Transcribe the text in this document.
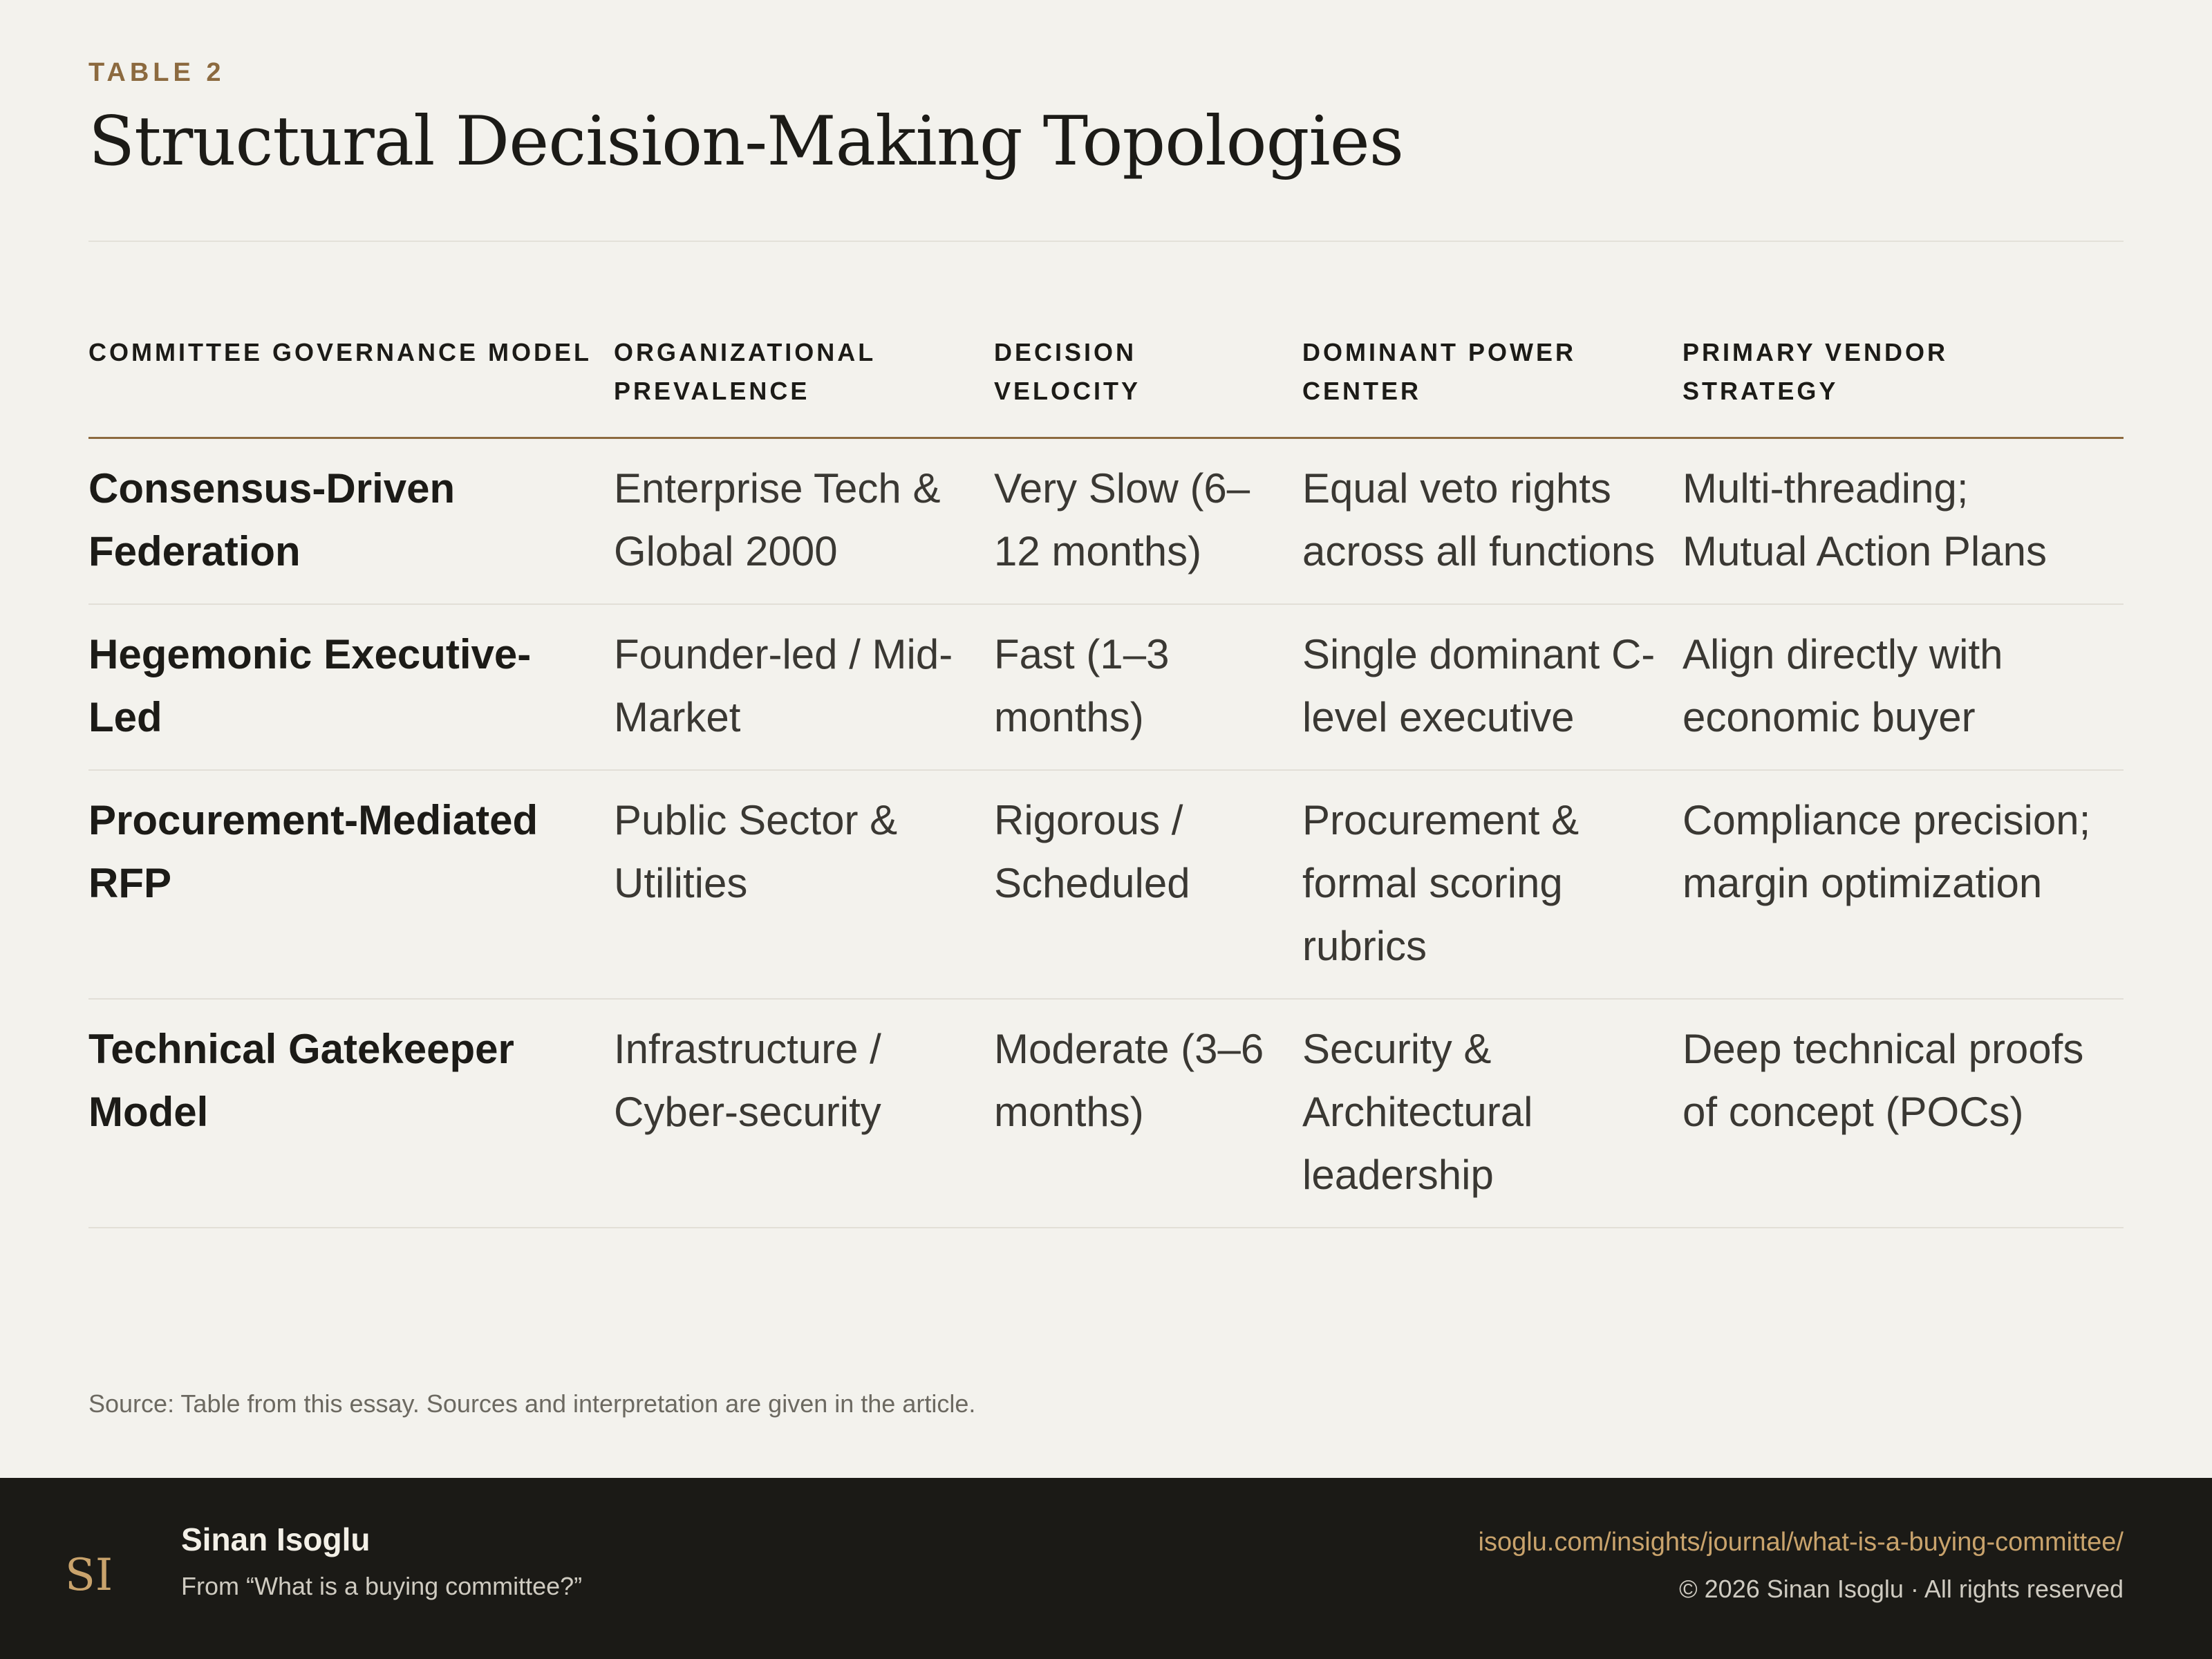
TABLE 2

Structural Decision-Making Topologies
COMMITTEE GOVERNANCE MODEL	ORGANIZATIONAL PREVALENCE	DECISION VELOCITY	DOMINANT POWER CENTER	PRIMARY VENDOR STRATEGY
Consensus-Driven Federation	Enterprise Tech & Global 2000	Very Slow (6–12 months)	Equal veto rights across all functions	Multi-threading; Mutual Action Plans
Hegemonic Executive-Led	Founder-led / Mid-Market	Fast (1–3 months)	Single dominant C-level executive	Align directly with economic buyer
Procurement-Mediated RFP	Public Sector & Utilities	Rigorous / Scheduled	Procurement & formal scoring rubrics	Compliance precision; margin optimization
Technical Gatekeeper Model	Infrastructure / Cyber-security	Moderate (3–6 months)	Security & Architectural leadership	Deep technical proofs of concept (POCs)

Source: Table from this essay. Sources and interpretation are given in the article.

SI

Sinan Isoglu

From “What is a buying committee?”

isoglu.com/insights/journal/what-is-a-buying-committee/

© 2026 Sinan Isoglu · All rights reserved
